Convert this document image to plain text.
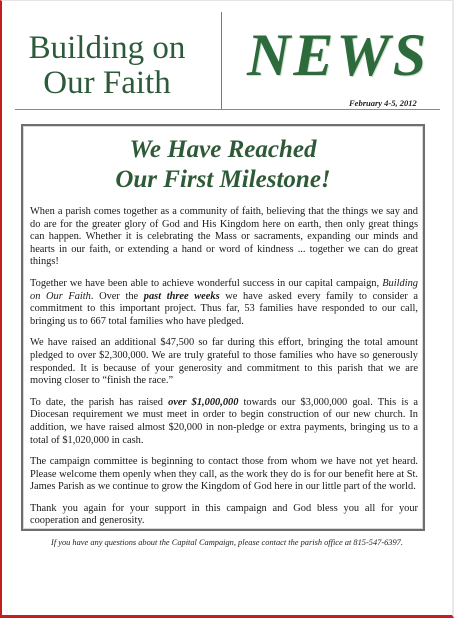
Building on
Our Faith	NEWS
February 4-5, 2012
We Have Reached
Our First Milestone!

When a parish comes together as a community of faith, believing that the things we say and do are for the greater glory of God and His Kingdom here on earth, then only great things can happen. Whether it is celebrating the Mass or sacraments, expanding our minds and hearts in our faith, or extending a hand or word of kindness ... together we can do great things!

Together we have been able to achieve wonderful success in our capital campaign, Building on Our Faith. Over the past three weeks we have asked every family to consider a commitment to this important project. Thus far, 53 families have responded to our call, bringing us to 667 total families who have pledged.

We have raised an additional $47,500 so far during this effort, bringing the total amount pledged to over $2,300,000. We are truly grateful to those families who have so generously responded. It is because of your generosity and commitment to this parish that we are moving closer to “finish the race.”

To date, the parish has raised over $1,000,000 towards our $3,000,000 goal. This is a Diocesan requirement we must meet in order to begin construction of our new church. In addition, we have raised almost $20,000 in non-pledge or extra payments, bringing us to a total of $1,020,000 in cash.

The campaign committee is beginning to contact those from whom we have not yet heard. Please welcome them openly when they call, as the work they do is for our benefit here at St. James Parish as we continue to grow the Kingdom of God here in our little part of the world.

Thank you again for your support in this campaign and God bless you all for your cooperation and generosity.

If you have any questions about the Capital Campaign, please contact the parish office at 815-547-6397.
